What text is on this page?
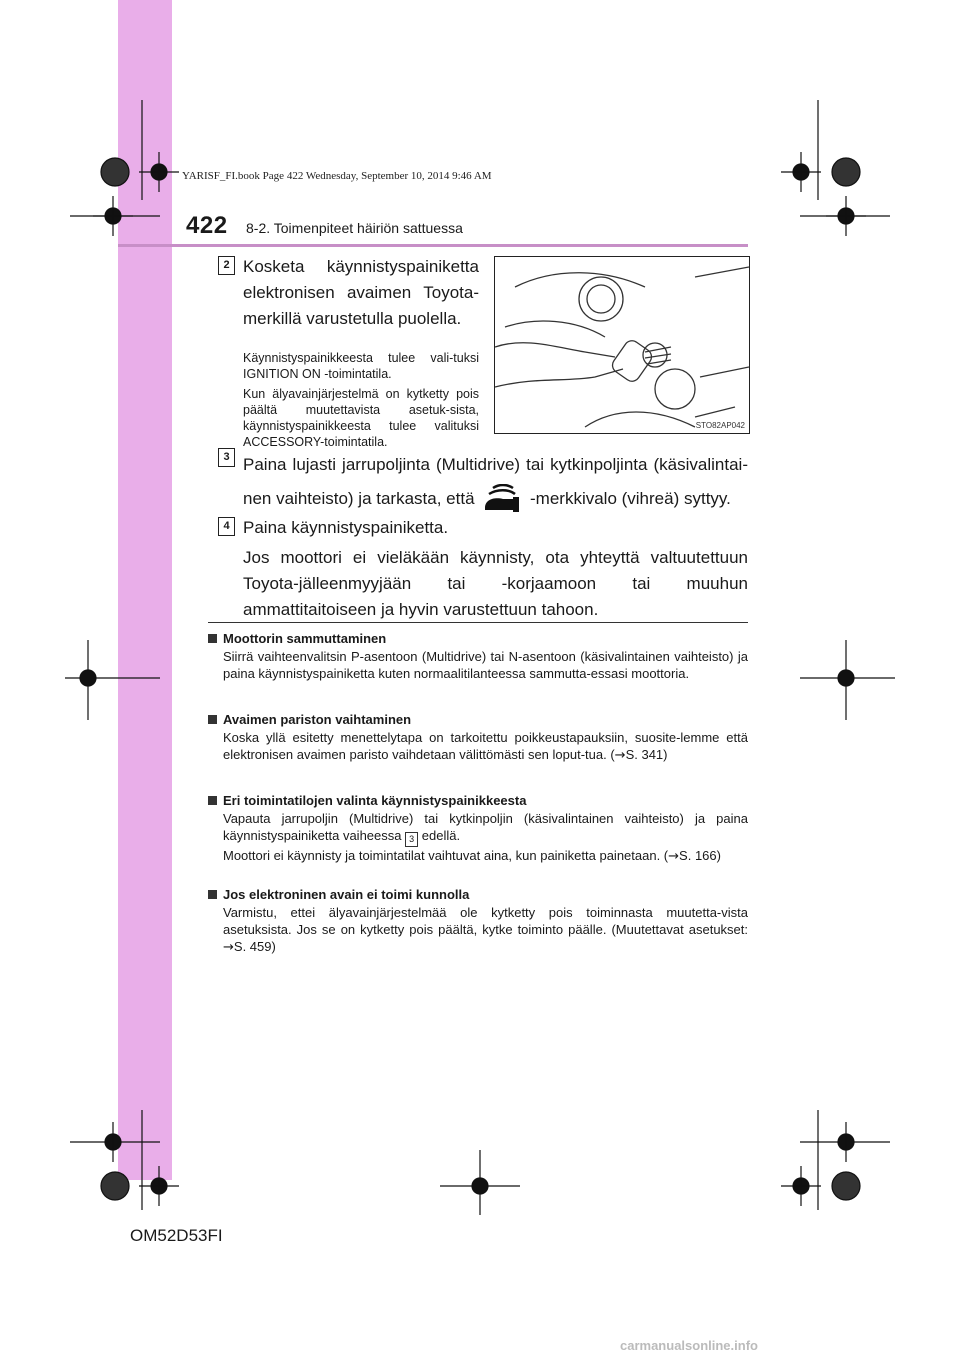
YARISF_FI.book Page 422 Wednesday, September 10, 2014 9:46 AM
422 8-2. Toimenpiteet häiriön sattuessa
2 Kosketa käynnistyspainiketta elektronisen avaimen Toyota-merkillä varustetulla puolella.
Käynnistyspainikkeesta tulee vali-tuksi IGNITION ON -toimintatila.
Kun älyavainjärjestelmä on kytketty pois päältä muutettavista asetuk-sista, käynnistyspainikkeesta tulee valituksi ACCESSORY-toimintatila.
STO82AP042
3 Paina lujasti jarrupoljinta (Multidrive) tai kytkinpoljinta (käsivalintai-nen vaihteisto) ja tarkasta, että	-merkkivalo (vihreä) syttyy.
4 Paina käynnistyspainiketta.
Jos moottori ei vieläkään käynnisty, ota yhteyttä valtuutettuun Toyota-jälleenmyyjään tai -korjaamoon tai muuhun ammattitaitoiseen ja hyvin varustettuun tahoon.
Moottorin sammuttaminen
Siirrä vaihteenvalitsin P-asentoon (Multidrive) tai N-asentoon (käsivalintainen vaihteisto) ja paina käynnistyspainiketta kuten normaalitilanteessa sammutta-essasi moottoria.
Avaimen pariston vaihtaminen
Koska yllä esitetty menettelytapa on tarkoitettu poikkeustapauksiin, suosite-lemme että elektronisen avaimen paristo vaihdetaan välittömästi sen loput-tua. (→S. 341)
Eri toimintatilojen valinta käynnistyspainikkeesta
Vapauta jarrupoljin (Multidrive) tai kytkinpoljin (käsivalintainen vaihteisto) ja paina käynnistyspainiketta vaiheessa 3 edellä.
Moottori ei käynnisty ja toimintatilat vaihtuvat aina, kun painiketta painetaan. (→S. 166)
Jos elektroninen avain ei toimi kunnolla
Varmistu, ettei älyavainjärjestelmää ole kytketty pois toiminnasta muutetta-vista asetuksista. Jos se on kytketty pois päältä, kytke toiminto päälle. (Muutettavat asetukset: →S. 459)
OM52D53FI
carmanualsonline.info
